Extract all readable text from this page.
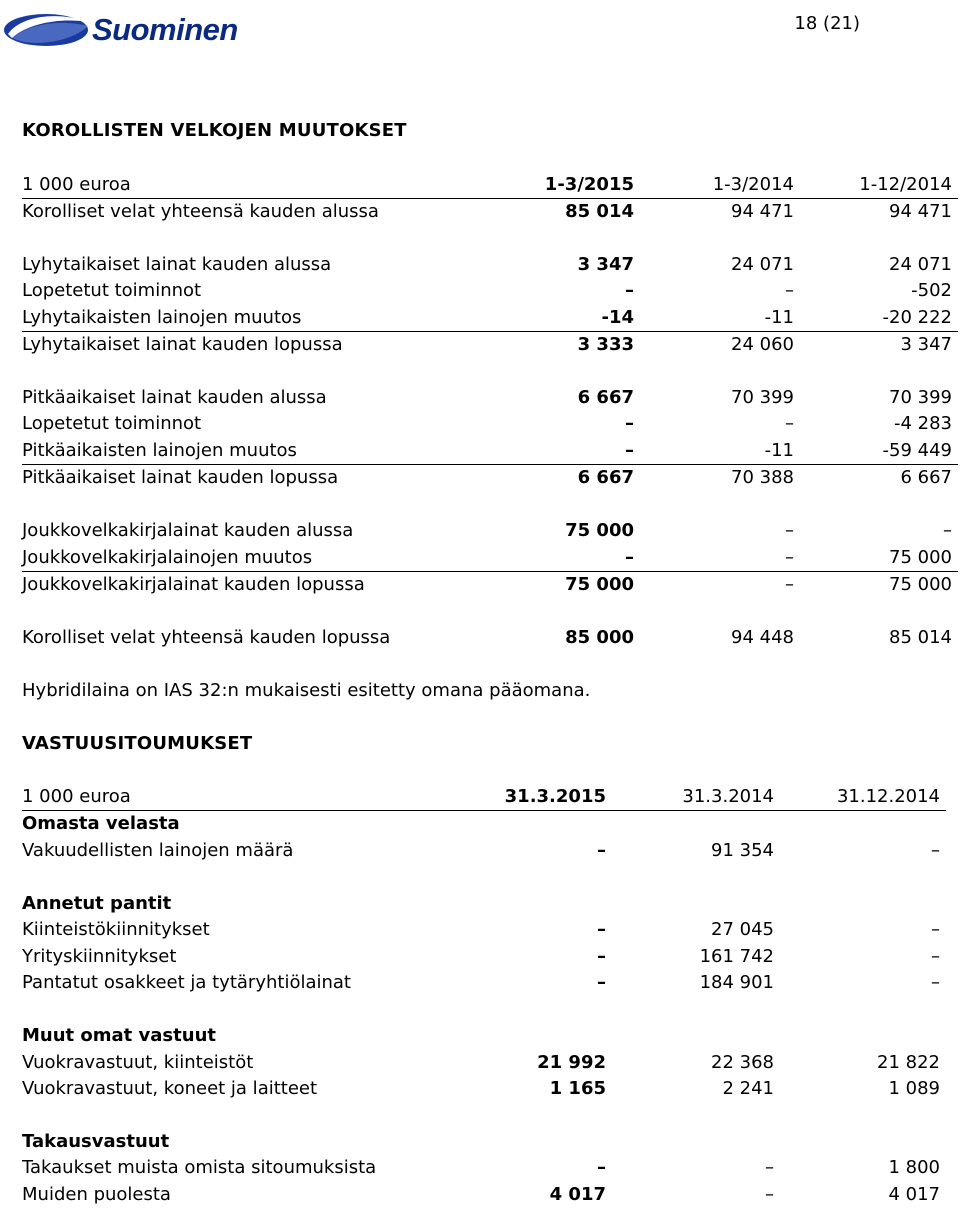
Suominen	18 (21)
KOROLLISTEN VELKOJEN MUUTOKSET
1 000 euroa	1-3/2015	1-3/2014	1-12/2014
Korolliset velat yhteensä kauden alussa	85 014	94 471	94 471
Lyhytaikaiset lainat kauden alussa	3 347	24 071	24 071
Lopetetut toiminnot	–	–	-502
Lyhytaikaisten lainojen muutos	-14	-11	-20 222
Lyhytaikaiset lainat kauden lopussa	3 333	24 060	3 347
Pitkäaikaiset lainat kauden alussa	6 667	70 399	70 399
Lopetetut toiminnot	–	–	-4 283
Pitkäaikaisten lainojen muutos	–	-11	-59 449
Pitkäaikaiset lainat kauden lopussa	6 667	70 388	6 667
Joukkovelkakirjalainat kauden alussa	75 000	–	–
Joukkovelkakirjalainojen muutos	–	–	75 000
Joukkovelkakirjalainat kauden lopussa	75 000	–	75 000
Korolliset velat yhteensä kauden lopussa	85 000	94 448	85 014
Hybridilaina on IAS 32:n mukaisesti esitetty omana pääomana.
VASTUUSITOUMUKSET
1 000 euroa	31.3.2015	31.3.2014	31.12.2014
Omasta velasta
Vakuudellisten lainojen määrä	–	91 354	–
Annetut pantit
Kiinteistökiinnitykset	–	27 045	–
Yrityskiinnitykset	–	161 742	–
Pantatut osakkeet ja tytäryhtiölainat	–	184 901	–
Muut omat vastuut
Vuokravastuut, kiinteistöt	21 992	22 368	21 822
Vuokravastuut, koneet ja laitteet	1 165	2 241	1 089
Takausvastuut
Takaukset muista omista sitoumuksista	–	–	1 800
Muiden puolesta	4 017	–	4 017
